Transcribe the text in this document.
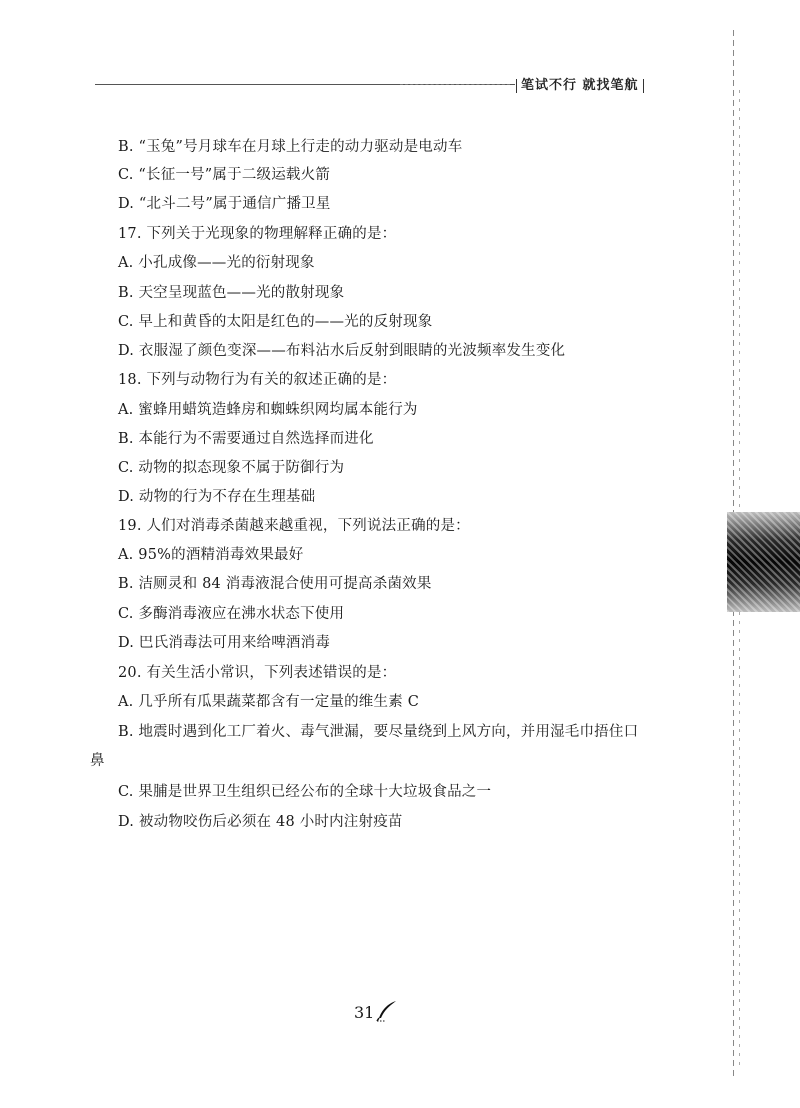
笔试不行 就找笔航
B. “玉兔”号月球车在月球上行走的动力驱动是电动车
C. “长征一号”属于二级运载火箭
D. “北斗二号”属于通信广播卫星
17. 下列关于光现象的物理解释正确的是：
A. 小孔成像——光的衍射现象
B. 天空呈现蓝色——光的散射现象
C. 早上和黄昏的太阳是红色的——光的反射现象
D. 衣服湿了颜色变深——布料沾水后反射到眼睛的光波频率发生变化
18. 下列与动物行为有关的叙述正确的是：
A. 蜜蜂用蜡筑造蜂房和蜘蛛织网均属本能行为
B. 本能行为不需要通过自然选择而进化
C. 动物的拟态现象不属于防御行为
D. 动物的行为不存在生理基础
19. 人们对消毒杀菌越来越重视，下列说法正确的是：
A. 95%的酒精消毒效果最好
B. 洁厕灵和 84 消毒液混合使用可提高杀菌效果
C. 多酶消毒液应在沸水状态下使用
D. 巴氏消毒法可用来给啤酒消毒
20. 有关生活小常识，下列表述错误的是：
A. 几乎所有瓜果蔬菜都含有一定量的维生素 C
B. 地震时遇到化工厂着火、毒气泄漏，要尽量绕到上风方向，并用湿毛巾捂住口
鼻
C. 果脯是世界卫生组织已经公布的全球十大垃圾食品之一
D. 被动物咬伤后必须在 48 小时内注射疫苗
31
